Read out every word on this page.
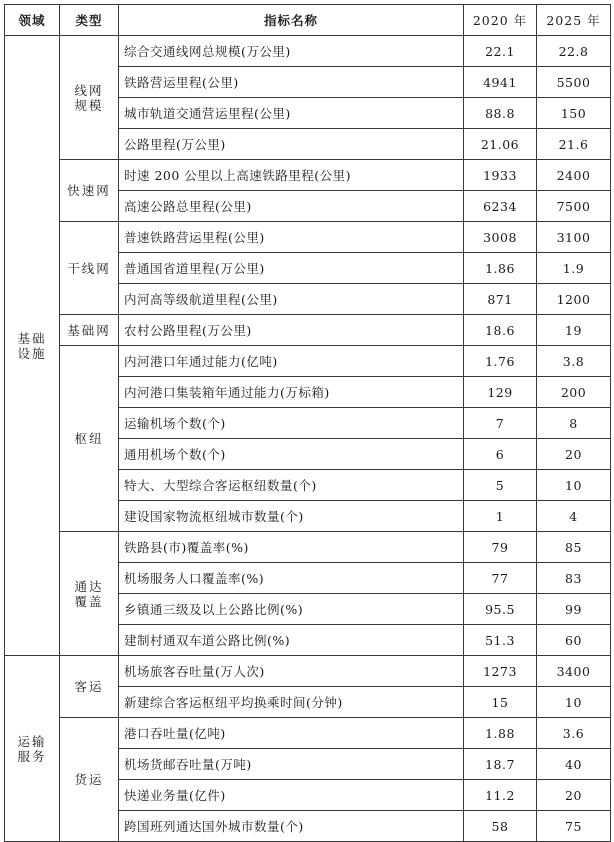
领域	类型	指标名称	2020 年	2025 年
基础设施	线网规模	综合交通线网总规模(万公里)	22.1	22.8
		铁路营运里程(公里)	4941	5500
		城市轨道交通营运里程(公里)	88.8	150
		公路里程(万公里)	21.06	21.6
	快速网	时速 200 公里以上高速铁路里程(公里)	1933	2400
		高速公路总里程(公里)	6234	7500
	干线网	普速铁路营运里程(公里)	3008	3100
		普通国省道里程(万公里)	1.86	1.9
		内河高等级航道里程(公里)	871	1200
	基础网	农村公路里程(万公里)	18.6	19
	枢纽	内河港口年通过能力(亿吨)	1.76	3.8
		内河港口集装箱年通过能力(万标箱)	129	200
		运输机场个数(个)	7	8
		通用机场个数(个)	6	20
		特大、大型综合客运枢纽数量(个)	5	10
		建设国家物流枢纽城市数量(个)	1	4
	通达覆盖	铁路县(市)覆盖率(%)	79	85
		机场服务人口覆盖率(%)	77	83
		乡镇通三级及以上公路比例(%)	95.5	99
		建制村通双车道公路比例(%)	51.3	60
运输服务	客运	机场旅客吞吐量(万人次)	1273	3400
		新建综合客运枢纽平均换乘时间(分钟)	15	10
	货运	港口吞吐量(亿吨)	1.88	3.6
		机场货邮吞吐量(万吨)	18.7	40
		快递业务量(亿件)	11.2	20
		跨国班列通达国外城市数量(个)	58	75
